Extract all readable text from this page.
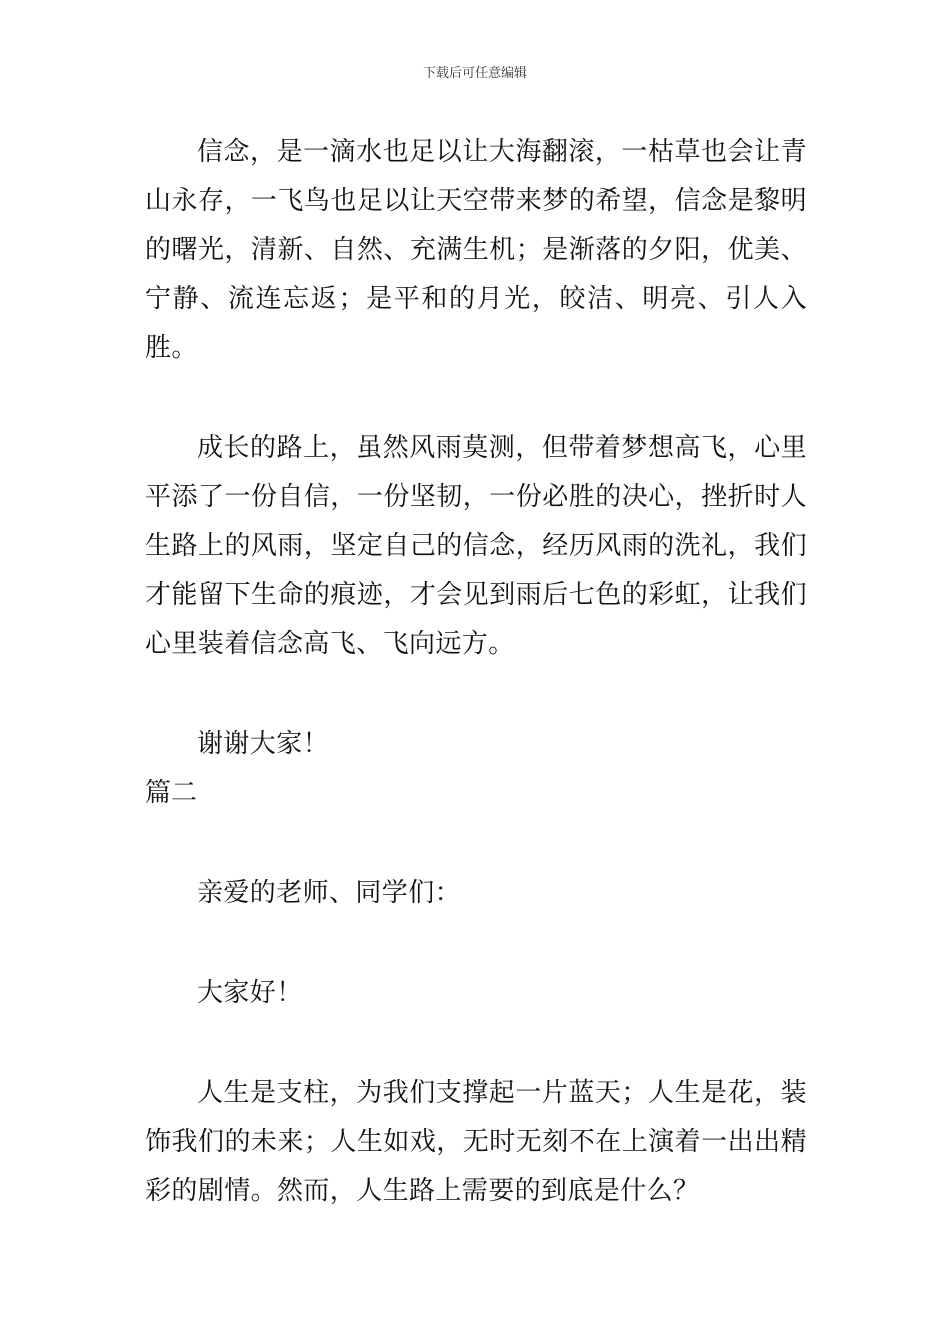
下载后可任意编辑

信念，是一滴水也足以让大海翻滚，一枯草也会让青山永存，一飞鸟也足以让天空带来梦的希望，信念是黎明的曙光，清新、自然、充满生机；是渐落的夕阳，优美、宁静、流连忘返；是平和的月光，皎洁、明亮、引人入胜。

成长的路上，虽然风雨莫测，但带着梦想高飞，心里平添了一份自信，一份坚韧，一份必胜的决心，挫折时人生路上的风雨，坚定自己的信念，经历风雨的洗礼，我们才能留下生命的痕迹，才会见到雨后七色的彩虹，让我们心里装着信念高飞、飞向远方。

谢谢大家！

篇二

亲爱的老师、同学们：

大家好！

人生是支柱，为我们支撑起一片蓝天；人生是花，装饰我们的未来；人生如戏，无时无刻不在上演着一出出精彩的剧情。然而，人生路上需要的到底是什么？
